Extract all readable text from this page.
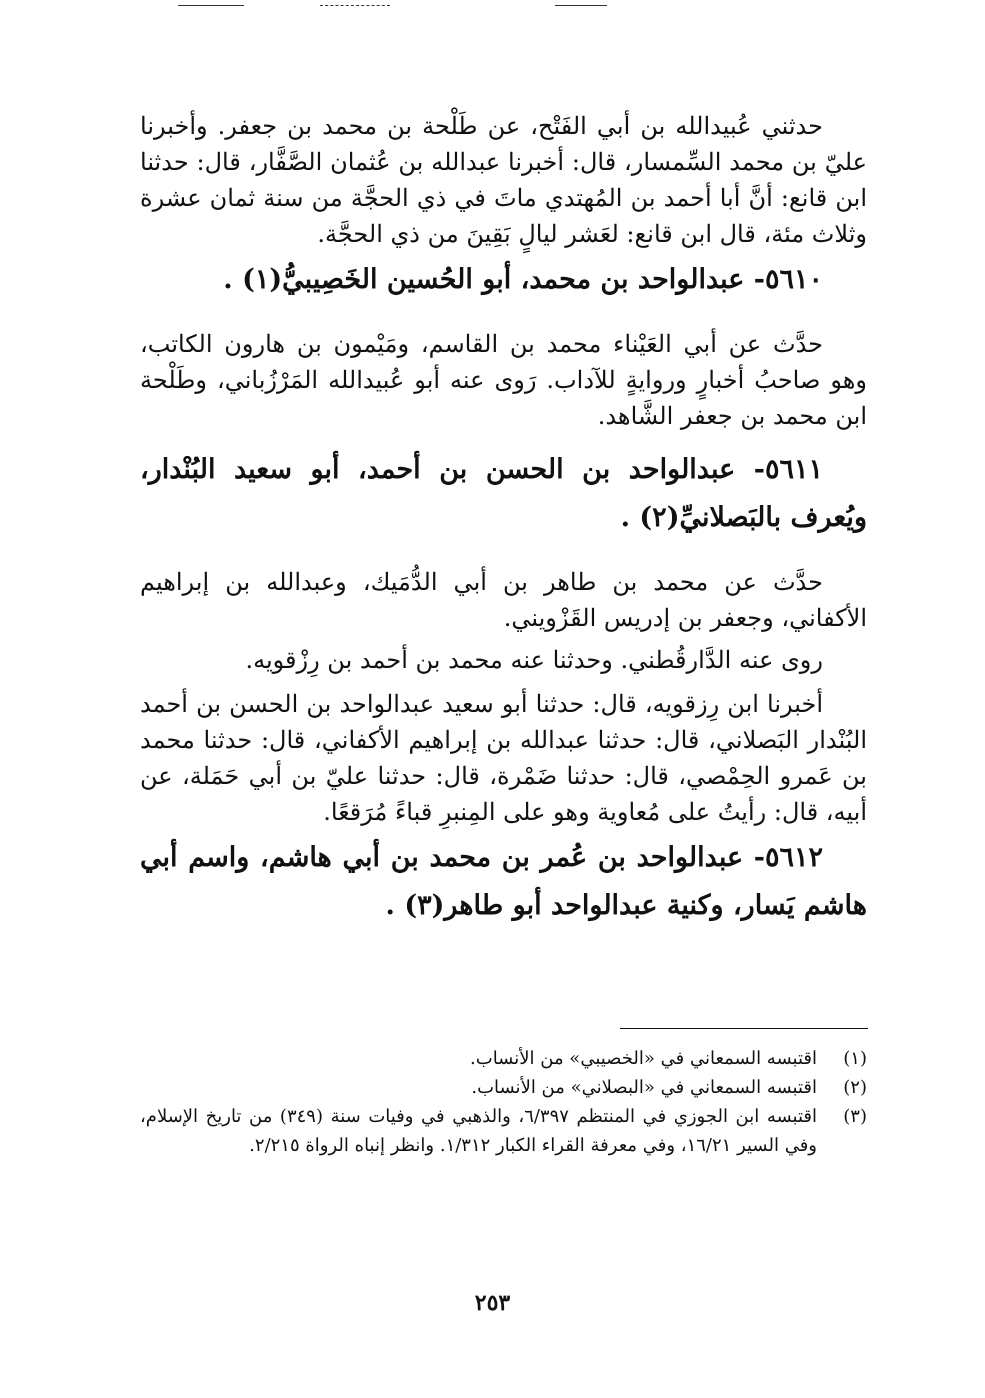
حدثني عُبيدالله بن أبي الفَتْح، عن طَلْحة بن محمد بن جعفر. وأخبرنا عليّ بن محمد السِّمسار، قال: أخبرنا عبدالله بن عُثمان الصَّفَّار، قال: حدثنا ابن قانع: أنَّ أبا أحمد بن المُهتدي ماتَ في ذي الحجَّة من سنة ثمان عشرة وثلاث مئة، قال ابن قانع: لعَشر ليالٍ بَقِينَ من ذي الحجَّة.

٥٦١٠- عبدالواحد بن محمد، أبو الحُسين الخَصِيبيُّ(١) .

حدَّث عن أبي العَيْناء محمد بن القاسم، ومَيْمون بن هارون الكاتب، وهو صاحبُ أخبارٍ وروايةٍ للآداب. رَوى عنه أبو عُبيدالله المَرْزُباني، وطَلْحة ابن محمد بن جعفر الشَّاهد.

٥٦١١- عبدالواحد بن الحسن بن أحمد، أبو سعيد البُنْدار، ويُعرف بالبَصلانيِّ(٢) .

حدَّث عن محمد بن طاهر بن أبي الدُّمَيك، وعبدالله بن إبراهيم الأكفاني، وجعفر بن إدريس القَزْويني.

روى عنه الدَّارقُطني. وحدثنا عنه محمد بن أحمد بن رِزْقويه.

أخبرنا ابن رِزقويه، قال: حدثنا أبو سعيد عبدالواحد بن الحسن بن أحمد البُنْدار البَصلاني، قال: حدثنا عبدالله بن إبراهيم الأكفاني، قال: حدثنا محمد بن عَمرو الحِمْصي، قال: حدثنا ضَمْرة، قال: حدثنا عليّ بن أبي حَمَلة، عن أبيه، قال: رأيتُ على مُعاوية وهو على المِنبرِ قباءً مُرَقعًا.

٥٦١٢- عبدالواحد بن عُمر بن محمد بن أبي هاشم، واسم أبي هاشم يَسار، وكنية عبدالواحد أبو طاهر(٣) .

(١)
اقتبسه السمعاني في «الخصيبي» من الأنساب.
(٢)
اقتبسه السمعاني في «البصلاني» من الأنساب.
(٣)
اقتبسه ابن الجوزي في المنتظم ٦/٣٩٧، والذهبي في وفيات سنة (٣٤٩) من تاريخ الإسلام، وفي السير ١٦/٢١، وفي معرفة القراء الكبار ١/٣١٢. وانظر إنباه الرواة ٢/٢١٥.
٢٥٣
